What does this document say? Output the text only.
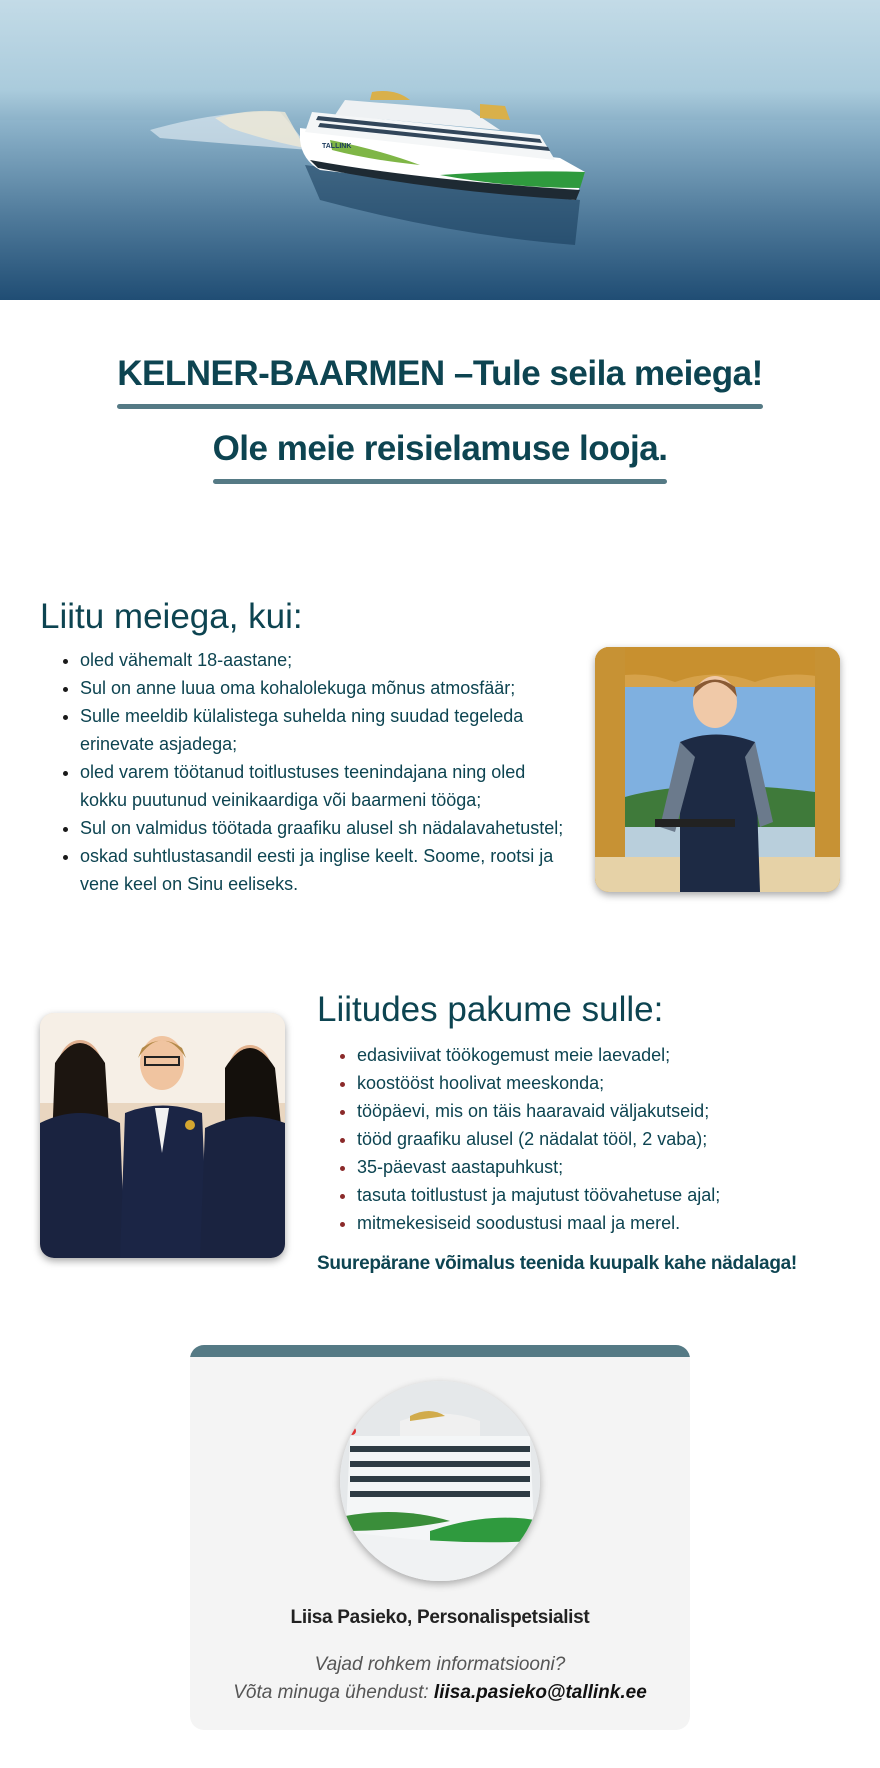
TALLINK
KELNER-BAARMEN –Tule seila meiega!

Ole meie reisielamuse looja.
Liitu meiega, kui:
• oled vähemalt 18-aastane;
• Sul on anne luua oma kohalolekuga mõnus atmosfäär;
• Sulle meeldib külalistega suhelda ning suudad tegeleda erinevate asjadega;
• oled varem töötanud toitlustuses teenindajana ning oled kokku puutunud veinikaardiga või baarmeni tööga;
• Sul on valmidus töötada graafiku alusel sh nädalavahetustel;
• oskad suhtlustasandil eesti ja inglise keelt. Soome, rootsi ja vene keel on Sinu eeliseks.
Liitudes pakume sulle:
• edasiviivat töökogemust meie laevadel;
• koostööst hoolivat meeskonda;
• tööpäevi, mis on täis haaravaid väljakutseid;
• tööd graafiku alusel (2 nädalat tööl, 2 vaba);
• 35-päevast aastapuhkust;
• tasuta toitlustust ja majutust töövahetuse ajal;
• mitmekesiseid soodustusi maal ja merel.
Suurepärane võimalus teenida kuupalk kahe nädalaga!
Liisa Pasieko, Personalispetsialist
Vajad rohkem informatsiooni?
Võta minuga ühendust: liisa.pasieko@tallink.ee
